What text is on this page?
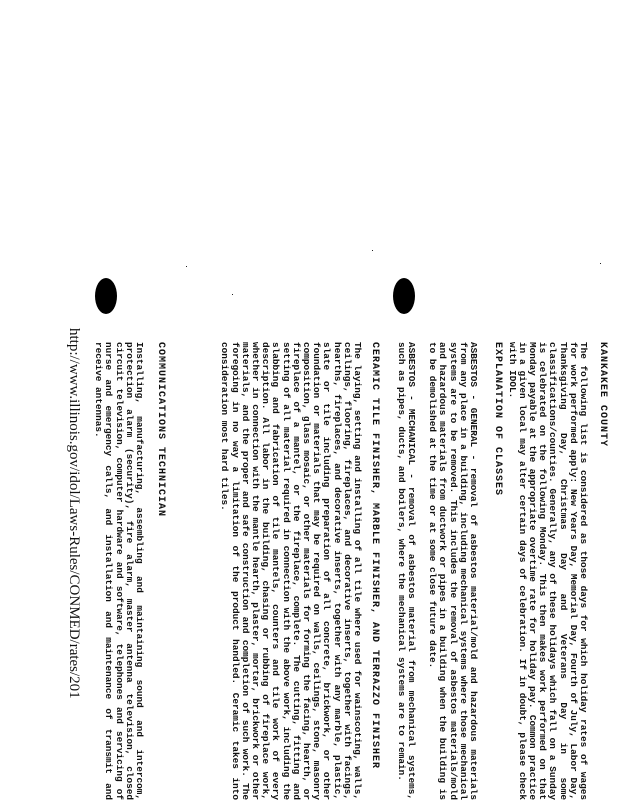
KANKAKEE COUNTY
The following list is considered as those days for which holiday rates of wages for work performed apply: New Years Day, Memorial Day, Fourth of July, Labor Day, Thanksgiving Day, Christmas Day and Veterans Day in some classifications/counties. Generally, any of these holidays which fall on a Sunday is celebrated on the following Monday. This then makes work performed on that Monday payable at the appropriate overtime rate for holiday pay. Common practice in a given local may alter certain days of celebration. If in doubt, please check with IDOL.
EXPLANATION OF CLASSES
ASBESTOS - GENERAL - removal of asbestos material/mold and hazardous materials from any place in a building, including mechanical systems where those mechanical systems are to be removed. This includes the removal of asbestos materials/mold and hazardous materials from ductwork or pipes in a building when the building is to be demolished at the time or at some close future date.
ASBESTOS - MECHANICAL - removal of asbestos material from mechanical systems, such as pipes, ducts, and boilers, where the mechanical systems are to remain.
CERAMIC TILE FINISHER, MARBLE FINISHER, AND TERRAZZO FINISHER
The laying, setting and installing of all tile where used for wainscoting, walls, ceilings, flooring, fireplaces, and decorative inserts, together with facings, hearths, fireplaces, and decorative inserts, together with any marble, plastic, slate or tile including preparation of all concrete, brickwork, or other foundation or materials that may be required on walls, ceilings, stone, masonry composition, glass mosaic, or other materials for forming the facing, hearth, or fireplace of a mantel, or the fireplace, complete. The cutting, fitting and setting of all material required in connection with the above work, including the slabbing and fabrication of tile mantels, counters and tile work of every description. All labor in the building, chasing or rubbing of fireplace work, whether in connection with the mantle hearth, plaster, mortar, brickwork or other materials, and the proper and safe construction and completion of such work. The foregoing in no way a limitation of the product handled. Ceramic takes into consideration most hard tiles.
COMMUNICATIONS TECHNICIAN
Installing, manufacturing, assembling and maintaining sound and intercom, protection alarm (security), fire alarm, master antenna television, closed circuit television, computer hardware and software, telephones and servicing of nurse and emergency calls, and installation and maintenance of transmit and receive antennas.
http://www.illinois.gov/idol/Laws-Rules/CONMED/rates/201
